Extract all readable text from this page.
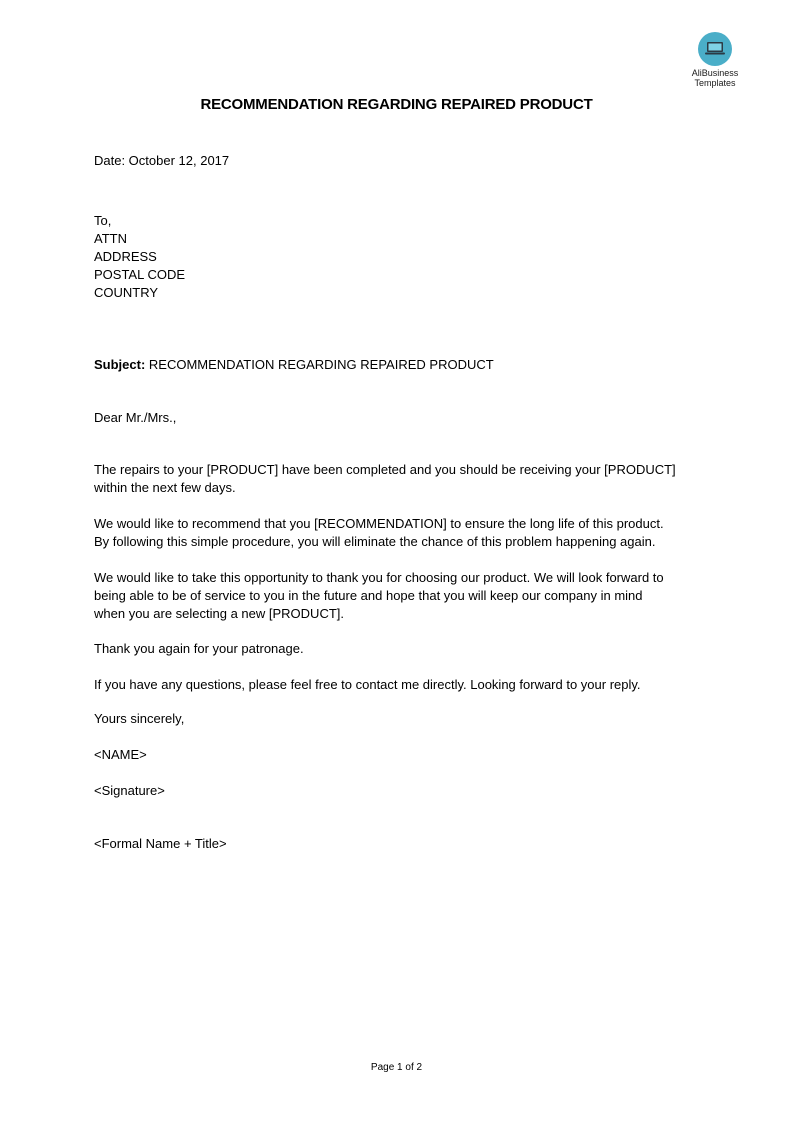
AliBusiness
Templates
RECOMMENDATION REGARDING REPAIRED PRODUCT
Date: October 12, 2017
To,
ATTN
ADDRESS
POSTAL CODE
COUNTRY
Subject: RECOMMENDATION REGARDING REPAIRED PRODUCT
Dear Mr./Mrs.,
The repairs to your [PRODUCT] have been completed and you should be receiving your [PRODUCT]
within the next few days.
We would like to recommend that you [RECOMMENDATION] to ensure the long life of this product.
By following this simple procedure, you will eliminate the chance of this problem happening again.
We would like to take this opportunity to thank you for choosing our product. We will look forward to
being able to be of service to you in the future and hope that you will keep our company in mind
when you are selecting a new [PRODUCT].
Thank you again for your patronage.
If you have any questions, please feel free to contact me directly. Looking forward to your reply.
Yours sincerely,
<NAME>
<Signature>
<Formal Name + Title>
Page 1 of 2
